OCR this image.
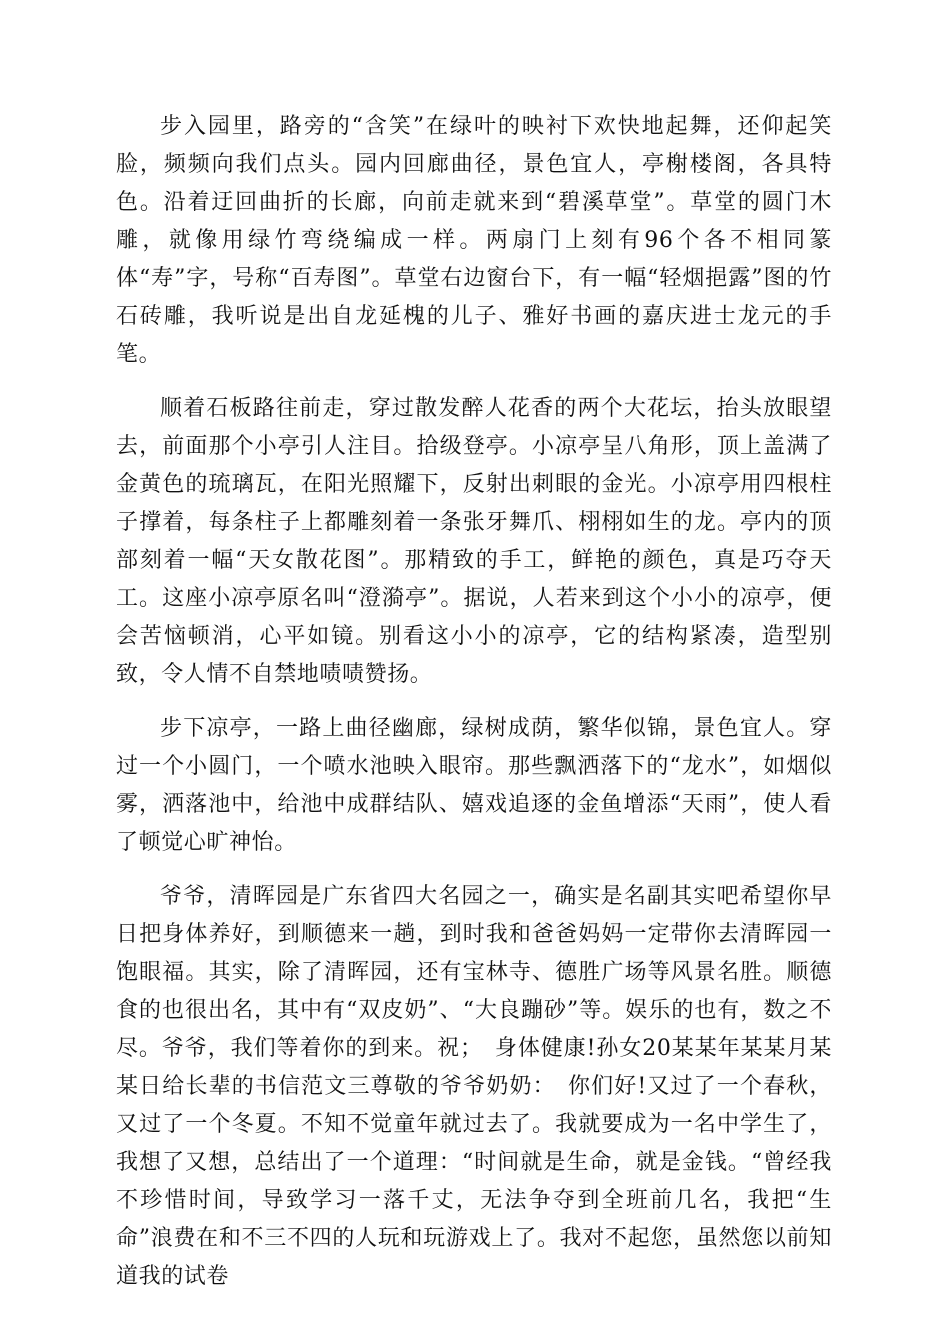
步入园里，路旁的“含笑”在绿叶的映衬下欢快地起舞，还仰起笑脸，频频向我们点头。园内回廊曲径，景色宜人，亭榭楼阁，各具特色。沿着迂回曲折的长廊，向前走就来到“碧溪草堂”。草堂的圆门木雕，就像用绿竹弯绕编成一样。两扇门上刻有96个各不相同篆体“寿”字，号称“百寿图”。草堂右边窗台下，有一幅“轻烟挹露”图的竹石砖雕，我听说是出自龙延槐的儿子、雅好书画的嘉庆进士龙元的手笔。

顺着石板路往前走，穿过散发醉人花香的两个大花坛，抬头放眼望去，前面那个小亭引人注目。拾级登亭。小凉亭呈八角形，顶上盖满了金黄色的琉璃瓦，在阳光照耀下，反射出刺眼的金光。小凉亭用四根柱子撑着，每条柱子上都雕刻着一条张牙舞爪、栩栩如生的龙。亭内的顶部刻着一幅“天女散花图”。那精致的手工，鲜艳的颜色，真是巧夺天工。这座小凉亭原名叫“澄漪亭”。据说，人若来到这个小小的凉亭，便会苦恼顿消，心平如镜。别看这小小的凉亭，它的结构紧凑，造型别致，令人情不自禁地啧啧赞扬。

步下凉亭，一路上曲径幽廊，绿树成荫，繁华似锦，景色宜人。穿过一个小圆门，一个喷水池映入眼帘。那些飘洒落下的“龙水”，如烟似雾，洒落池中，给池中成群结队、嬉戏追逐的金鱼增添“天雨”，使人看了顿觉心旷神怡。

爷爷，清晖园是广东省四大名园之一，确实是名副其实吧希望你早日把身体养好，到顺德来一趟，到时我和爸爸妈妈一定带你去清晖园一饱眼福。其实，除了清晖园，还有宝林寺、德胜广场等风景名胜。顺德食的也很出名，其中有“双皮奶”、“大良蹦砂”等。娱乐的也有，数之不尽。爷爷，我们等着你的到来。祝；　身体健康!孙女20某某年某某月某某日给长辈的书信范文三尊敬的爷爷奶奶：　你们好!又过了一个春秋，又过了一个冬夏。不知不觉童年就过去了。我就要成为一名中学生了，我想了又想，总结出了一个道理：“时间就是生命，就是金钱。“曾经我不珍惜时间，导致学习一落千丈，无法争夺到全班前几名，我把“生命”浪费在和不三不四的人玩和玩游戏上了。我对不起您，虽然您以前知道我的试卷
